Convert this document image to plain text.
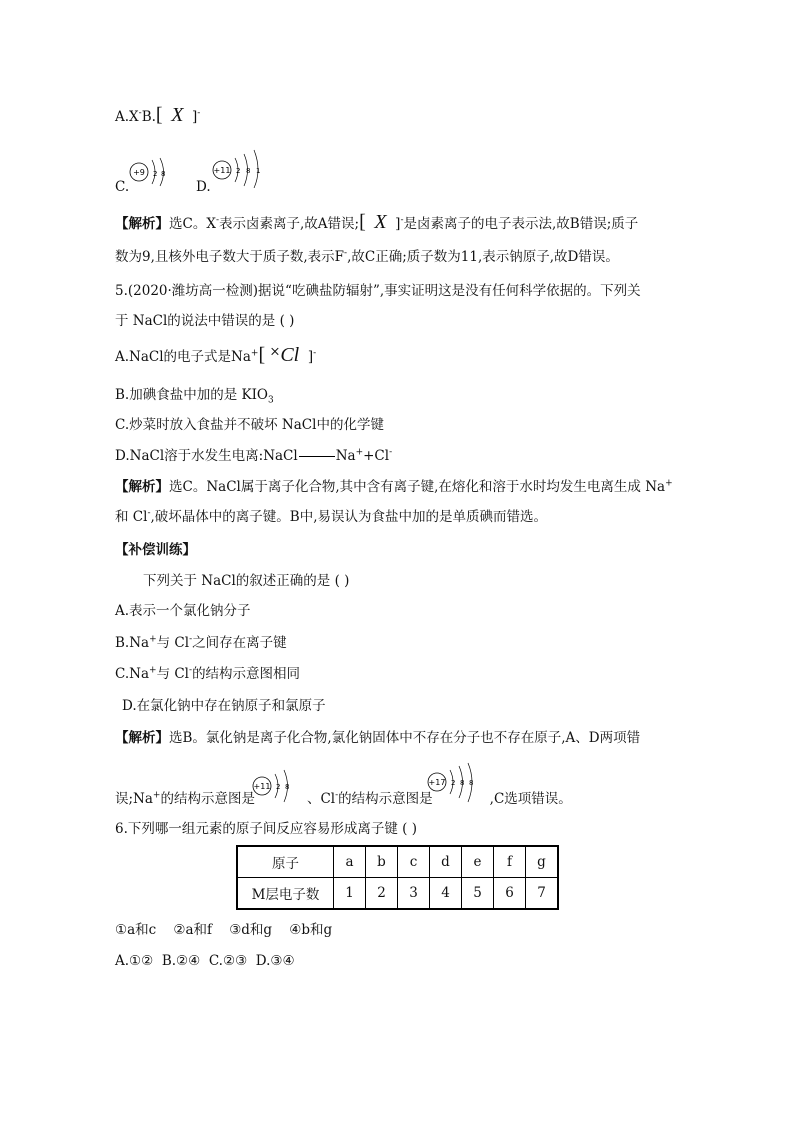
A.X-B.[ X ]-
C.
+9 2 8
D.
+11 2 8 1
【解析】选C。X-表示卤素离子,故A错误;[ X ]-是卤素离子的电子表示法,故B错误;质子
数为9,且核外电子数大于质子数,表示F-,故C正确;质子数为11,表示钠原子,故D错误。
5.(2020·潍坊高一检测)据说“吃碘盐防辐射”,事实证明这是没有任何科学依据的。下列关
于 NaCl的说法中错误的是 ( )
A.NaCl的电子式是Na+[ ×Cl ]-
B.加碘食盐中加的是 $KIO_3$
C.炒菜时放入食盐并不破坏 NaCl中的化学键
D.NaCl溶于水发生电离:NaCl	Na++Cl-
【解析】选C。NaCl属于离子化合物,其中含有离子键,在熔化和溶于水时均发生电离生成 Na+
和 Cl-,破坏晶体中的离子键。B中,易误认为食盐中加的是单质碘而错选。
【补偿训练】
下列关于 NaCl的叙述正确的是 ( )
A.表示一个氯化钠分子
B.Na+与 Cl-之间存在离子键
C.Na+与 Cl-的结构示意图相同
D.在氯化钠中存在钠原子和氯原子
【解析】选B。氯化钠是离子化合物,氯化钠固体中不存在分子也不存在原子,A、D两项错
误;Na+的结构示意图是	、Cl-的结构示意图是	,C选项错误。
+11 2 8	+17 2 8 8
6.下列哪一组元素的原子间反应容易形成离子键 ( )
原子	a	b	c	d	e	f	g
M层电子数	1	2	3	4	5	6	7
①a和c    ②a和f    ③d和g    ④b和g
A.①②  B.②④  C.②③  D.③④
